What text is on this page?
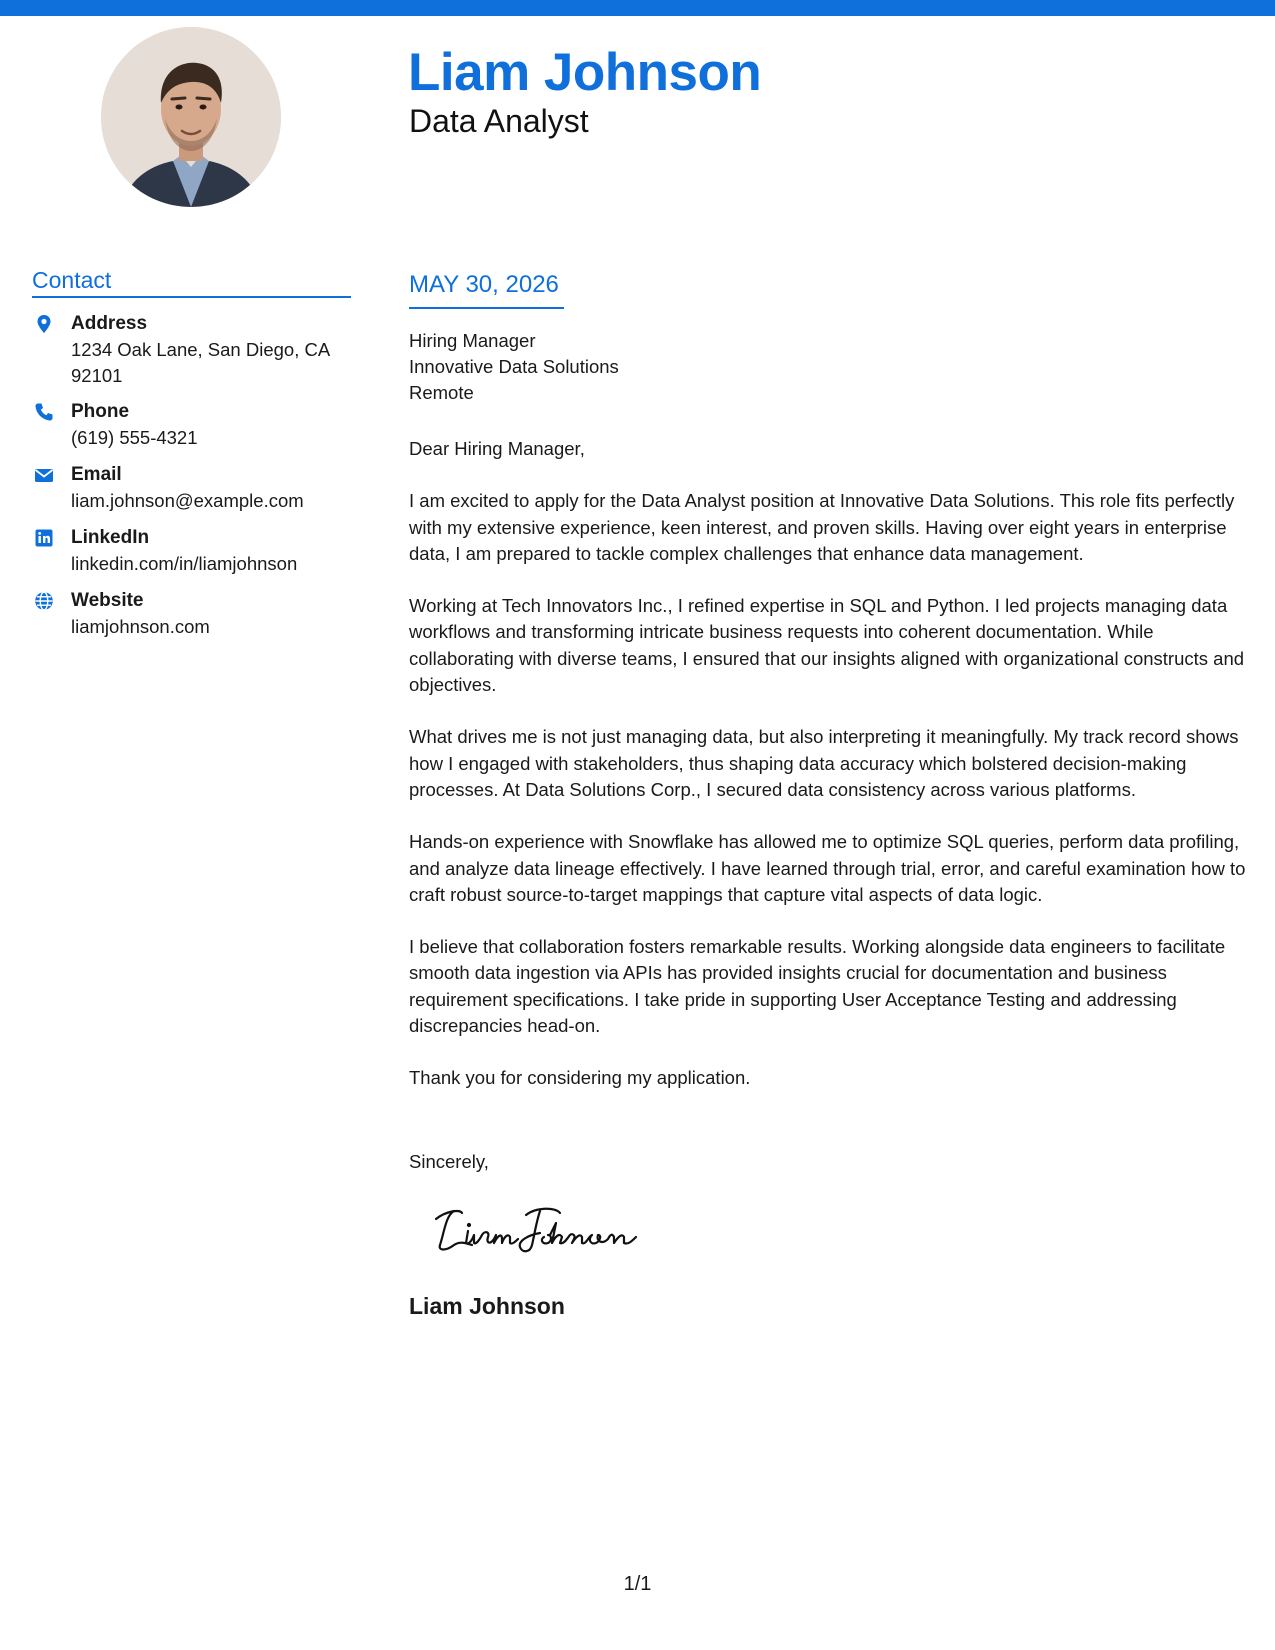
Liam Johnson
Data Analyst
Contact
Address
1234 Oak Lane, San Diego, CA 92101
Phone
(619) 555-4321
Email
liam.johnson@example.com
LinkedIn
linkedin.com/in/liamjohnson
Website
liamjohnson.com
MAY 30, 2026
Hiring Manager
Innovative Data Solutions
Remote

Dear Hiring Manager,

I am excited to apply for the Data Analyst position at Innovative Data Solutions. This role fits perfectly with my extensive experience, keen interest, and proven skills. Having over eight years in enterprise data, I am prepared to tackle complex challenges that enhance data management.

Working at Tech Innovators Inc., I refined expertise in SQL and Python. I led projects managing data workflows and transforming intricate business requests into coherent documentation. While collaborating with diverse teams, I ensured that our insights aligned with organizational constructs and objectives.

What drives me is not just managing data, but also interpreting it meaningfully. My track record shows how I engaged with stakeholders, thus shaping data accuracy which bolstered decision-making processes. At Data Solutions Corp., I secured data consistency across various platforms.

Hands-on experience with Snowflake has allowed me to optimize SQL queries, perform data profiling, and analyze data lineage effectively. I have learned through trial, error, and careful examination how to craft robust source-to-target mappings that capture vital aspects of data logic.

I believe that collaboration fosters remarkable results. Working alongside data engineers to facilitate smooth data ingestion via APIs has provided insights crucial for documentation and business requirement specifications. I take pride in supporting User Acceptance Testing and addressing discrepancies head-on.

Thank you for considering my application.

Sincerely,
Liam Johnson
1/1
